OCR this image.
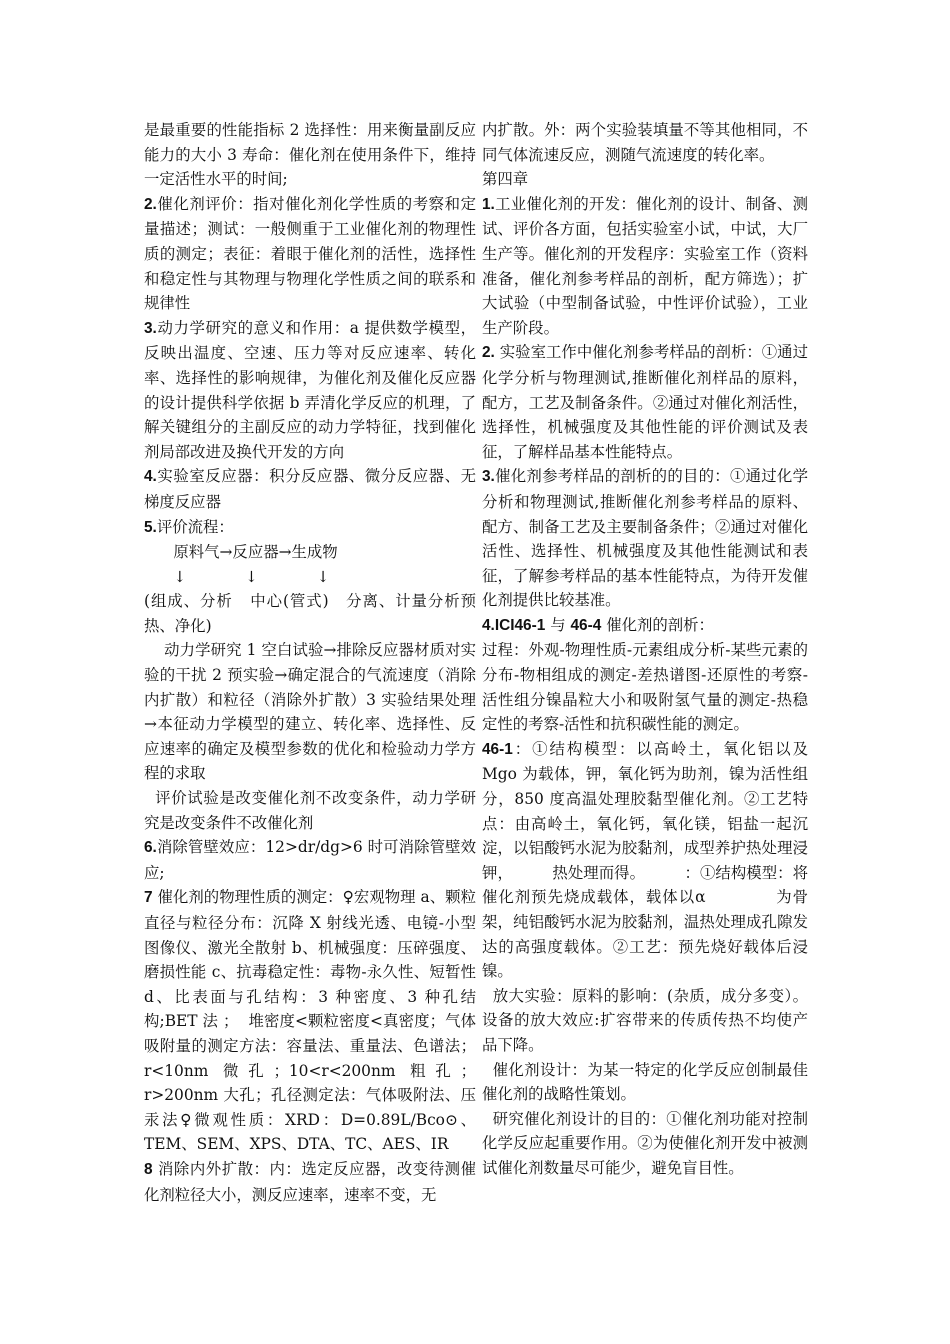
是最重要的性能指标 2 选择性：用来衡量副反应能力的大小 3 寿命：催化剂在使用条件下，维持一定活性水平的时间;

2.催化剂评价：指对催化剂化学性质的考察和定量描述；测试：一般侧重于工业催化剂的物理性质的测定；表征：着眼于催化剂的活性，选择性和稳定性与其物理与物理化学性质之间的联系和规律性

3.动力学研究的意义和作用：a 提供数学模型，反映出温度、空速、压力等对反应速率、转化率、选择性的影响规律，为催化剂及催化反应器的设计提供科学依据 b 弄清化学反应的机理，了解关键组分的主副反应的动力学特征，找到催化剂局部改进及换代开发的方向

4.实验室反应器：积分反应器、微分反应器、无梯度反应器

5.评价流程：

原料气→反应器→生成物

↓            ↓            ↓

(组成、分析   中心(管式)   分离、计量分析预热、净化)

动力学研究 1 空白试验→排除反应器材质对实验的干扰 2 预实验→确定混合的气流速度（消除内扩散）和粒径（消除外扩散）3 实验结果处理→本征动力学模型的建立、转化率、选择性、反应速率的确定及模型参数的优化和检验动力学方程的求取

评价试验是改变催化剂不改变条件，动力学研究是改变条件不改催化剂

6.消除管壁效应：12>dr/dg>6 时可消除管壁效应;

7 催化剂的物理性质的测定：♀宏观物理 a、颗粒直径与粒径分布：沉降 X 射线光透、电镜-小型图像仪、激光全散射 b、机械强度：压碎强度、磨损性能 c、抗毒稳定性：毒物-永久性、短暂性 d、比表面与孔结构：3 种密度、3 种孔结构;BET 法 ；  堆密度<颗粒密度<真密度；气体吸附量的测定方法：容量法、重量法、色谱法；r<10nm 微孔；10<r<200nm 粗孔；r>200nm 大孔；孔径测定法：气体吸附法、压汞法♀微观性质：XRD：D=0.89L/Bco⊙、TEM、SEM、XPS、DTA、TC、AES、IR

8 消除内外扩散：内：选定反应器，改变待测催化剂粒径大小，测反应速率，速率不变，无

内扩散。外：两个实验装填量不等其他相同，不同气体流速反应，测随气流速度的转化率。

第四章

1.工业催化剂的开发：催化剂的设计、制备、测试、评价各方面，包括实验室小试，中试，大厂生产等。催化剂的开发程序：实验室工作（资料准备，催化剂参考样品的剖析，配方筛选）；扩大试验（中型制备试验，中性评价试验），工业生产阶段。

2. 实验室工作中催化剂参考样品的剖析：①通过化学分析与物理测试,推断催化剂样品的原料，配方，工艺及制备条件。②通过对催化剂活性，选择性，机械强度及其他性能的评价测试及表征，了解样品基本性能特点。

3.催化剂参考样品的剖析的的目的：①通过化学分析和物理测试,推断催化剂参考样品的原料、配方、制备工艺及主要制备条件；②通过对催化活性、选择性、机械强度及其他性能测试和表征，了解参考样品的基本性能特点，为待开发催化剂提供比较基准。

4.ICI46-1 与 46-4 催化剂的剖析：

过程：外观-物理性质-元素组成分析-某些元素的分布-物相组成的测定-差热谱图-还原性的考察-活性组分镍晶粒大小和吸附氢气量的测定-热稳定性的考察-活性和抗积碳性能的测定。

46-1：①结构模型：以高岭土，氧化铝以及 Mgo 为载体，钾，氧化钙为助剂，镍为活性组分，850 度高温处理胶黏型催化剂。②工艺特点：由高岭土，氧化钙，氧化镁，铝盐一起沉淀，以铝酸钙水泥为胶黏剂，成型养护热处理浸钾，        热处理而得。        ：①结构模型：将催化剂预先烧成载体，载体以α            为骨架，纯铝酸钙水泥为胶黏剂，温热处理成孔隙发达的高强度载体。②工艺：预先烧好载体后浸镍。

放大实验：原料的影响：(杂质，成分多变）。设备的放大效应:扩容带来的传质传热不均使产品下降。

催化剂设计：为某一特定的化学反应创制最佳催化剂的战略性策划。

研究催化剂设计的目的：①催化剂功能对控制化学反应起重要作用。②为使催化剂开发中被测试催化剂数量尽可能少，避免盲目性。
